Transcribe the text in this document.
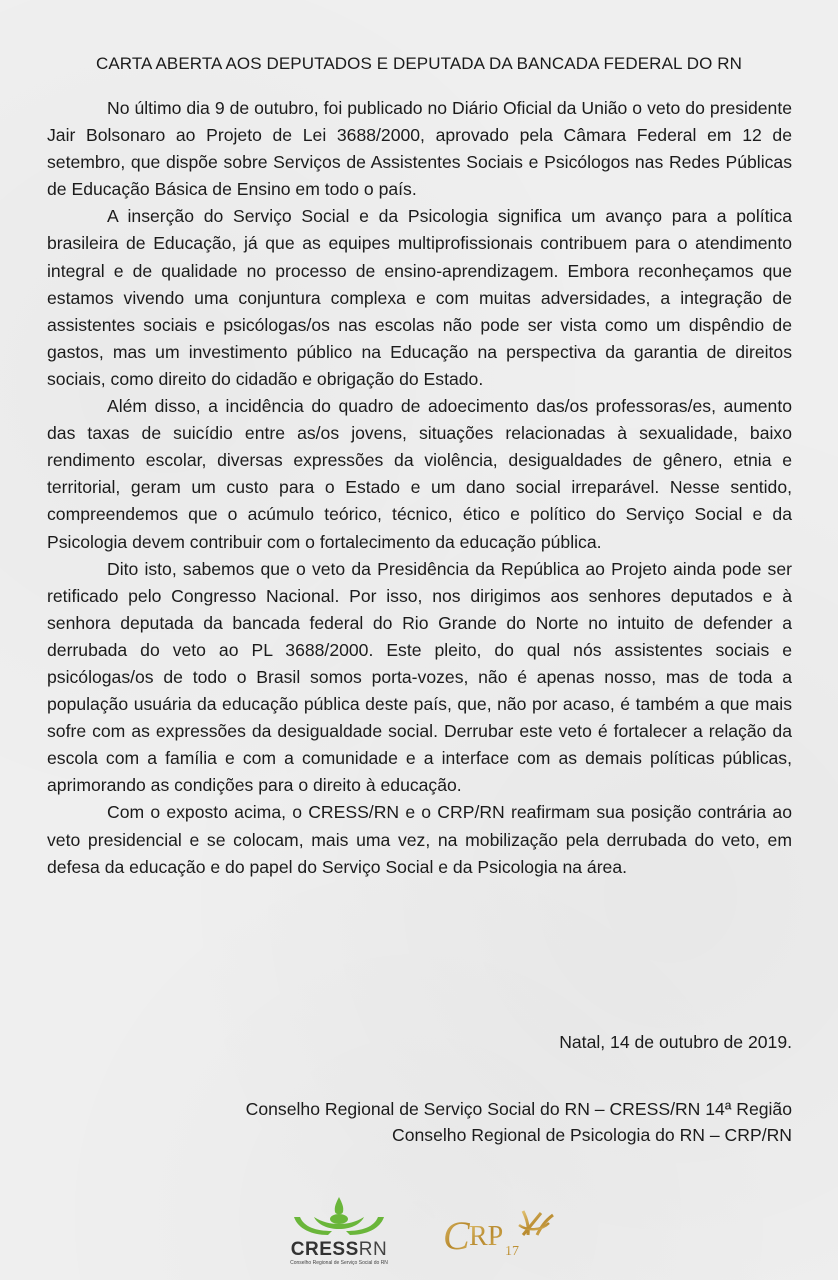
CARTA ABERTA AOS DEPUTADOS E DEPUTADA DA BANCADA FEDERAL DO RN

No último dia 9 de outubro, foi publicado no Diário Oficial da União o veto do presidente Jair Bolsonaro ao Projeto de Lei 3688/2000, aprovado pela Câmara Federal em 12 de setembro, que dispõe sobre Serviços de Assistentes Sociais e Psicólogos nas Redes Públicas de Educação Básica de Ensino em todo o país.

A inserção do Serviço Social e da Psicologia significa um avanço para a política brasileira de Educação, já que as equipes multiprofissionais contribuem para o atendimento integral e de qualidade no processo de ensino-aprendizagem. Embora reconheçamos que estamos vivendo uma conjuntura complexa e com muitas adversidades, a integração de assistentes sociais e psicólogas/os nas escolas não pode ser vista como um dispêndio de gastos, mas um investimento público na Educação na perspectiva da garantia de direitos sociais, como direito do cidadão e obrigação do Estado.

Além disso, a incidência do quadro de adoecimento das/os professoras/es, aumento das taxas de suicídio entre as/os jovens, situações relacionadas à sexualidade, baixo rendimento escolar, diversas expressões da violência, desigualdades de gênero, etnia e territorial, geram um custo para o Estado e um dano social irreparável. Nesse sentido, compreendemos que o acúmulo teórico, técnico, ético e político do Serviço Social e da Psicologia devem contribuir com o fortalecimento da educação pública.

Dito isto, sabemos que o veto da Presidência da República ao Projeto ainda pode ser retificado pelo Congresso Nacional. Por isso, nos dirigimos aos senhores deputados e à senhora deputada da bancada federal do Rio Grande do Norte no intuito de defender a derrubada do veto ao PL 3688/2000. Este pleito, do qual nós assistentes sociais e psicólogas/os de todo o Brasil somos porta-vozes, não é apenas nosso, mas de toda a população usuária da educação pública deste país, que, não por acaso, é também a que mais sofre com as expressões da desigualdade social. Derrubar este veto é fortalecer a relação da escola com a família e com a comunidade e a interface com as demais políticas públicas, aprimorando as condições para o direito à educação.

Com o exposto acima, o CRESS/RN e o CRP/RN reafirmam sua posição contrária ao veto presidencial e se colocam, mais uma vez, na mobilização pela derrubada do veto, em defesa da educação e do papel do Serviço Social e da Psicologia na área.

Natal, 14 de outubro de 2019.
Conselho Regional de Serviço Social do RN – CRESS/RN 14ª Região
Conselho Regional de Psicologia do RN – CRP/RN
CRESSRN
Conselho Regional de Serviço Social do RN
C RP 17
